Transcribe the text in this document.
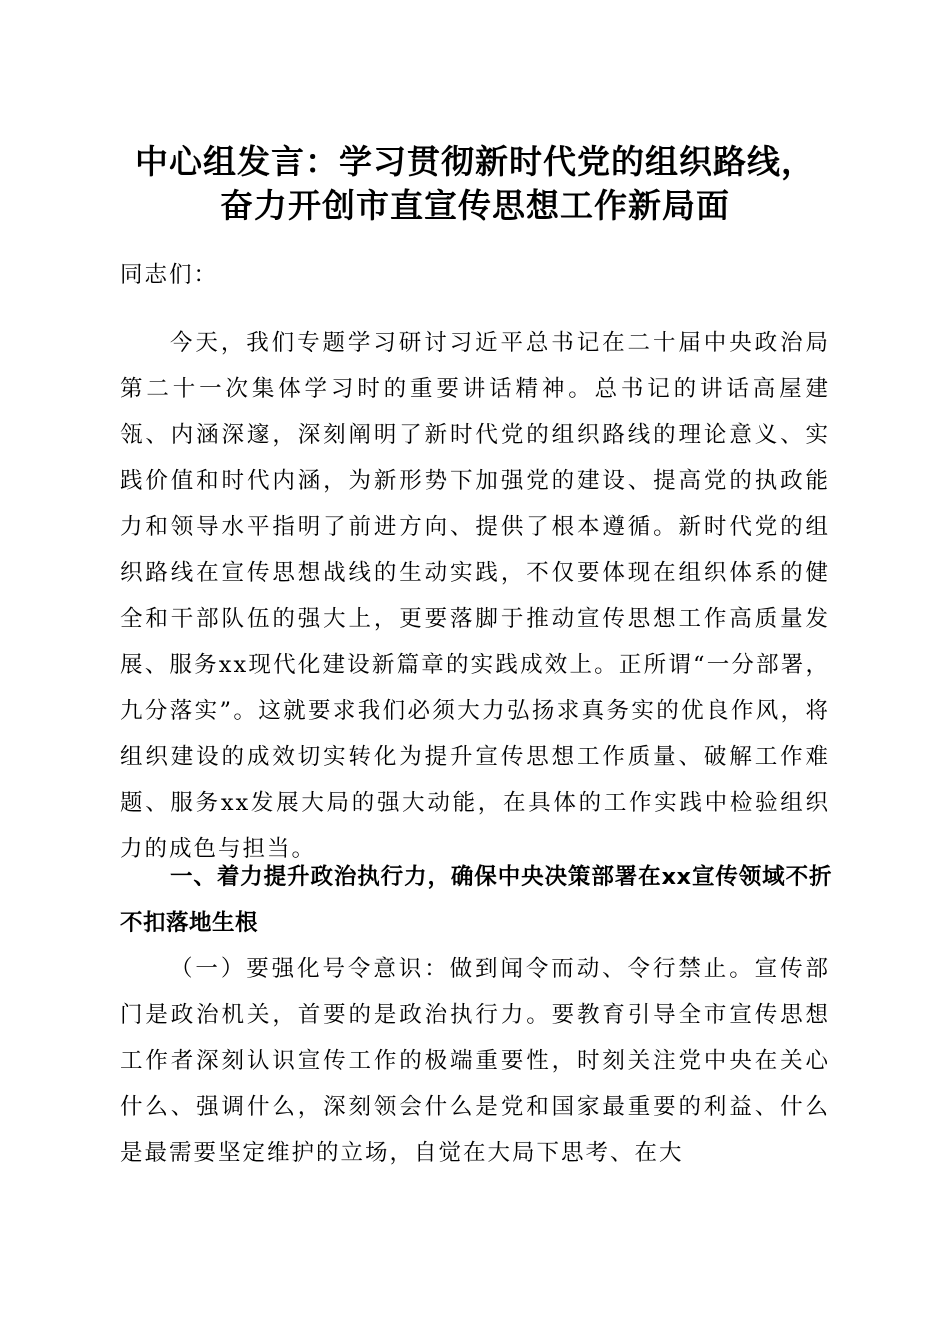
中心组发言：学习贯彻新时代党的组织路线，
奋力开创市直宣传思想工作新局面
同志们：
今天，我们专题学习研讨习近平总书记在二十届中央政治局第二十一次集体学习时的重要讲话精神。总书记的讲话高屋建瓴、内涵深邃，深刻阐明了新时代党的组织路线的理论意义、实践价值和时代内涵，为新形势下加强党的建设、提高党的执政能力和领导水平指明了前进方向、提供了根本遵循。新时代党的组织路线在宣传思想战线的生动实践，不仅要体现在组织体系的健全和干部队伍的强大上，更要落脚于推动宣传思想工作高质量发展、服务xx现代化建设新篇章的实践成效上。正所谓“一分部署，九分落实”。这就要求我们必须大力弘扬求真务实的优良作风，将组织建设的成效切实转化为提升宣传思想工作质量、破解工作难题、服务xx发展大局的强大动能，在具体的工作实践中检验组织力的成色与担当。
一、着力提升政治执行力，确保中央决策部署在xx宣传领域不折不扣落地生根
（一）要强化号令意识：做到闻令而动、令行禁止。宣传部门是政治机关，首要的是政治执行力。要教育引导全市宣传思想工作者深刻认识宣传工作的极端重要性，时刻关注党中央在关心什么、强调什么，深刻领会什么是党和国家最重要的利益、什么是最需要坚定维护的立场，自觉在大局下思考、在大
